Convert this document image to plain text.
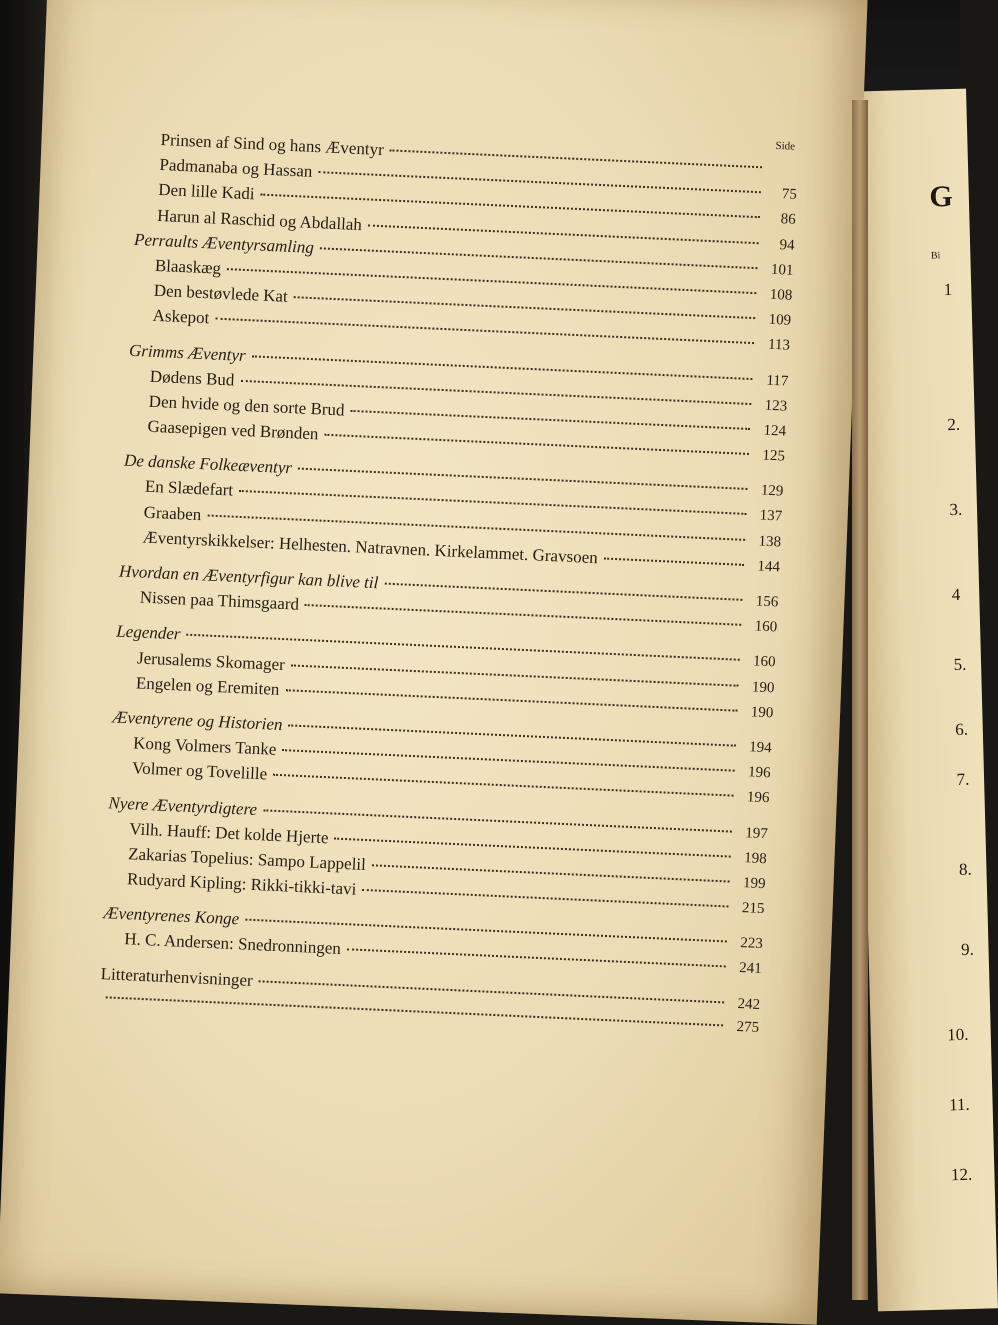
Side
Prinsen af Sind og hans Æventyr
Padmanaba og Hassan
75
Den lille Kadi
86
Harun al Raschid og Abdallah
94
Perraults Æventyrsamling
101
Blaaskæg
108
Den bestøvlede Kat
109
Askepot
113
Grimms Æventyr
117
Dødens Bud
123
Den hvide og den sorte Brud
124
Gaasepigen ved Brønden
125
De danske Folkeæventyr
129
En Slædefart
137
Graaben
138
Æventyrskikkelser: Helhesten. Natravnen. Kirkelammet. Gravsoen	144
Hvordan en Æventyrfigur kan blive til
156
Nissen paa Thimsgaard
160
Legender
160
Jerusalems Skomager
190
Engelen og Eremiten
190
Æventyrene og Historien
194
Kong Volmers Tanke
196
Volmer og Tovelille
196
Nyere Æventyrdigtere
197
Vilh. Hauff: Det kolde Hjerte
198
Zakarias Topelius: Sampo Lappelil
199
Rudyard Kipling: Rikki-tikki-tavi
215
Æventyrenes Konge
223
H. C. Andersen: Snedronningen
241
Litteraturhenvisninger
242
275
G
Bi
1
2.
3.
4
5.
6.
7.
8.
9.
10.
11.
12.
